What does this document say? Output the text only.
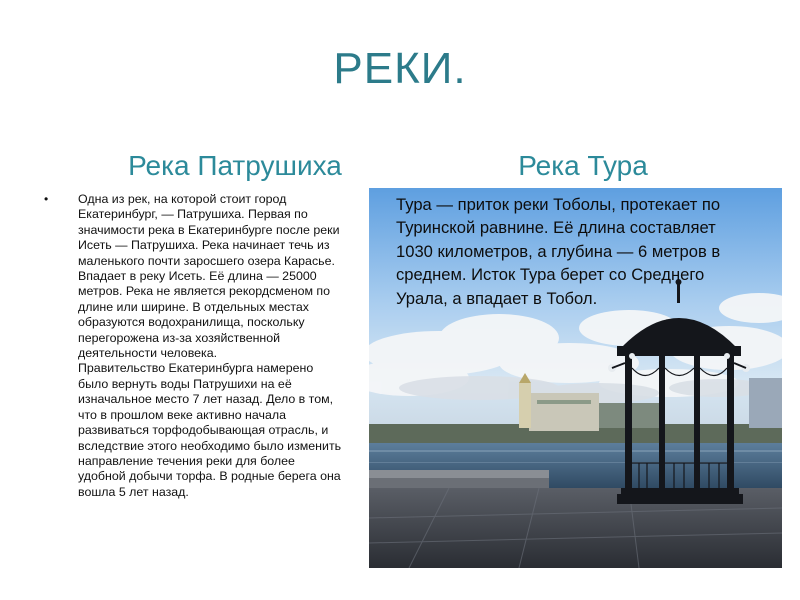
РЕКИ.
Река Патрушиха	Река Тура
•	Одна из рек, на которой стоит город Екатеринбург, — Патрушиха. Первая по значимости река в Екатеринбурге после реки Исеть — Патрушиха. Река начинает течь из маленького почти заросшего озера Карасье. Впадает в реку Исеть. Её длина — 25000 метров. Река не является рекордсменом по длине или ширине. В отдельных местах образуются водохранилища, поскольку перегорожена из-за хозяйственной деятельности человека.

Правительство Екатеринбурга намерено было вернуть воды Патрушихи на её изначальное место 7 лет назад. Дело в том, что в прошлом веке активно начала развиваться торфодобывающая отрасль, и вследствие этого необходимо было изменить направление течения реки для более удобной добычи торфа. В родные берега она вошла 5 лет назад.

Тура — приток реки Тоболы, протекает по Туринской равнине. Её длина составляет 1030 километров, а глубина — 6 метров в среднем. Исток Тура берет со Среднего Урала, а впадает в Тобол.
